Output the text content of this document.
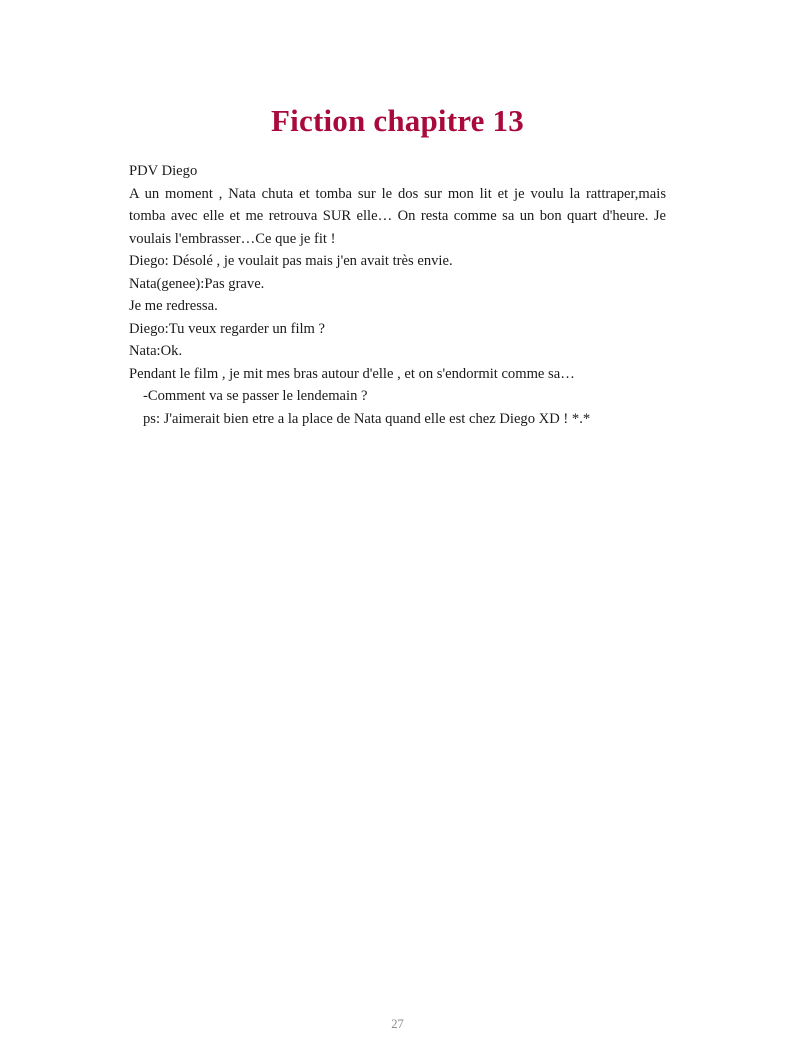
Fiction chapitre 13

PDV Diego

A un moment , Nata chuta et tomba sur le dos sur mon lit et je voulu la rattraper,mais tomba avec elle et me retrouva SUR elle… On resta comme sa un bon quart d'heure. Je voulais l'embrasser…Ce que je fit !

Diego: Désolé , je voulait pas mais j'en avait très envie.

Nata(genee):Pas grave.

Je me redressa.

Diego:Tu veux regarder un film ?

Nata:Ok.

Pendant le film , je mit mes bras autour d'elle , et on s'endormit comme sa…

-Comment va se passer le lendemain ?

ps: J'aimerait bien etre a la place de Nata quand elle est chez Diego XD ! *.*

27
